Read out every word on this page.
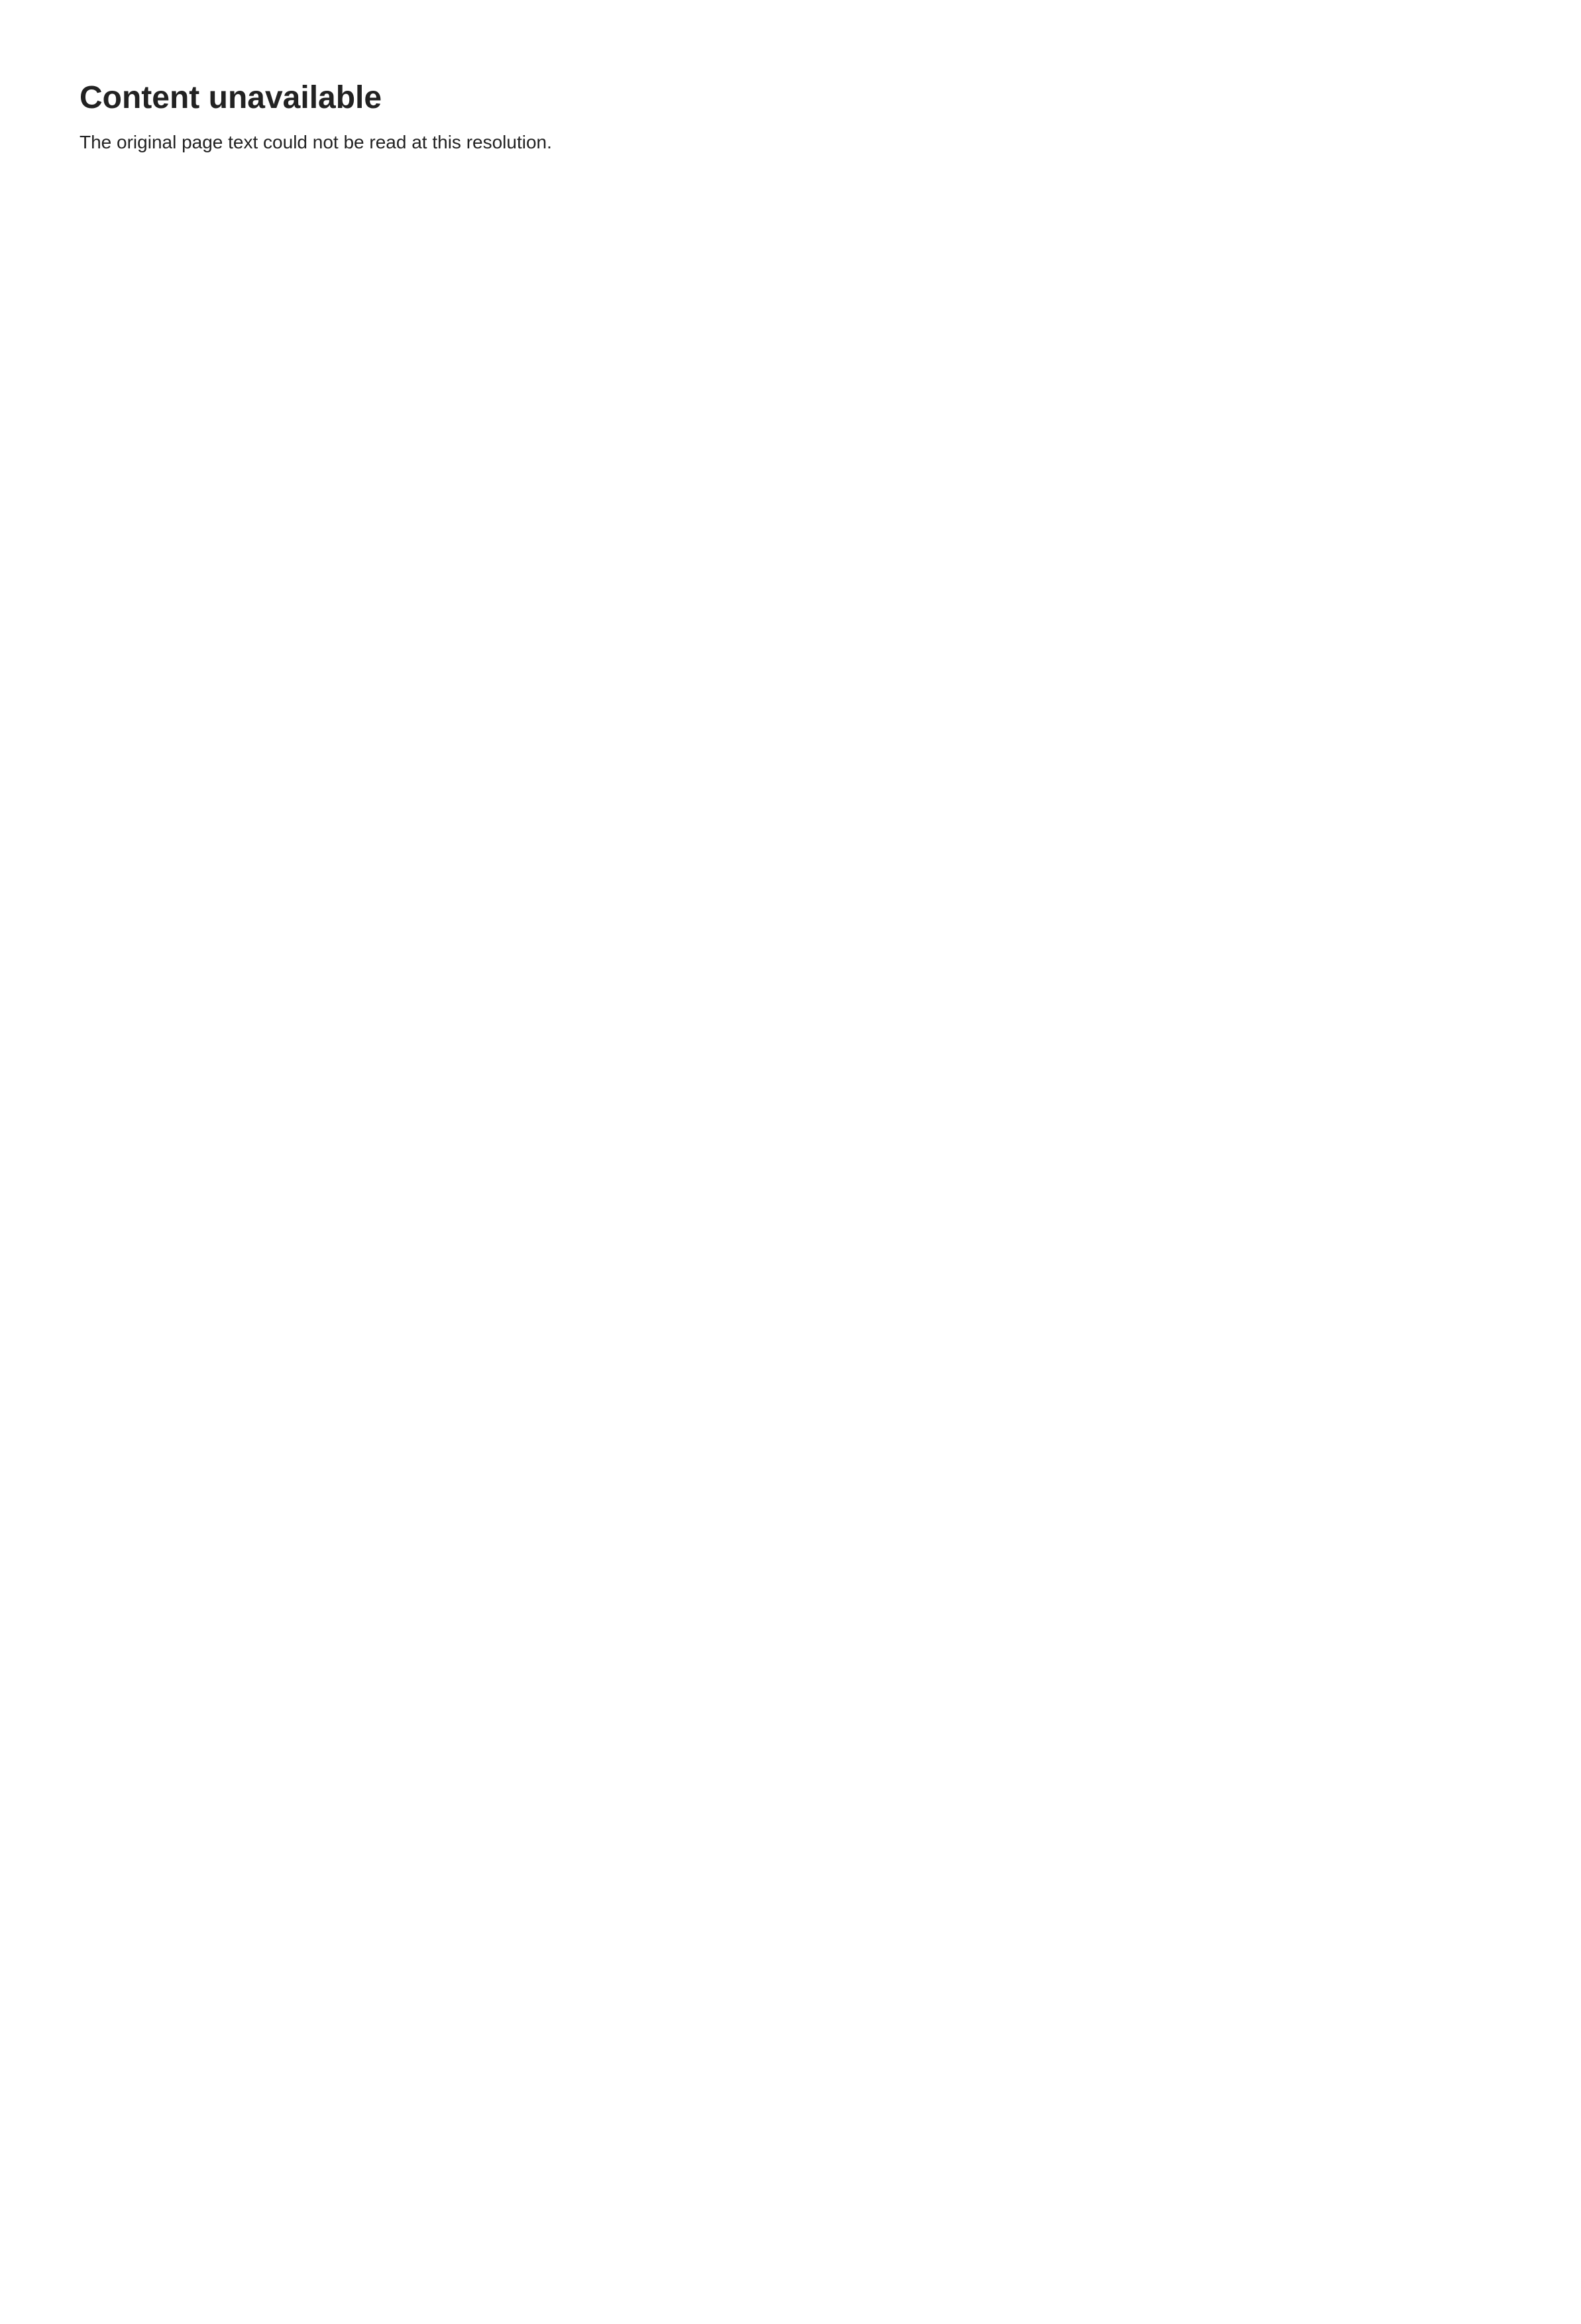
Content unavailable

The original page text could not be read at this resolution.
